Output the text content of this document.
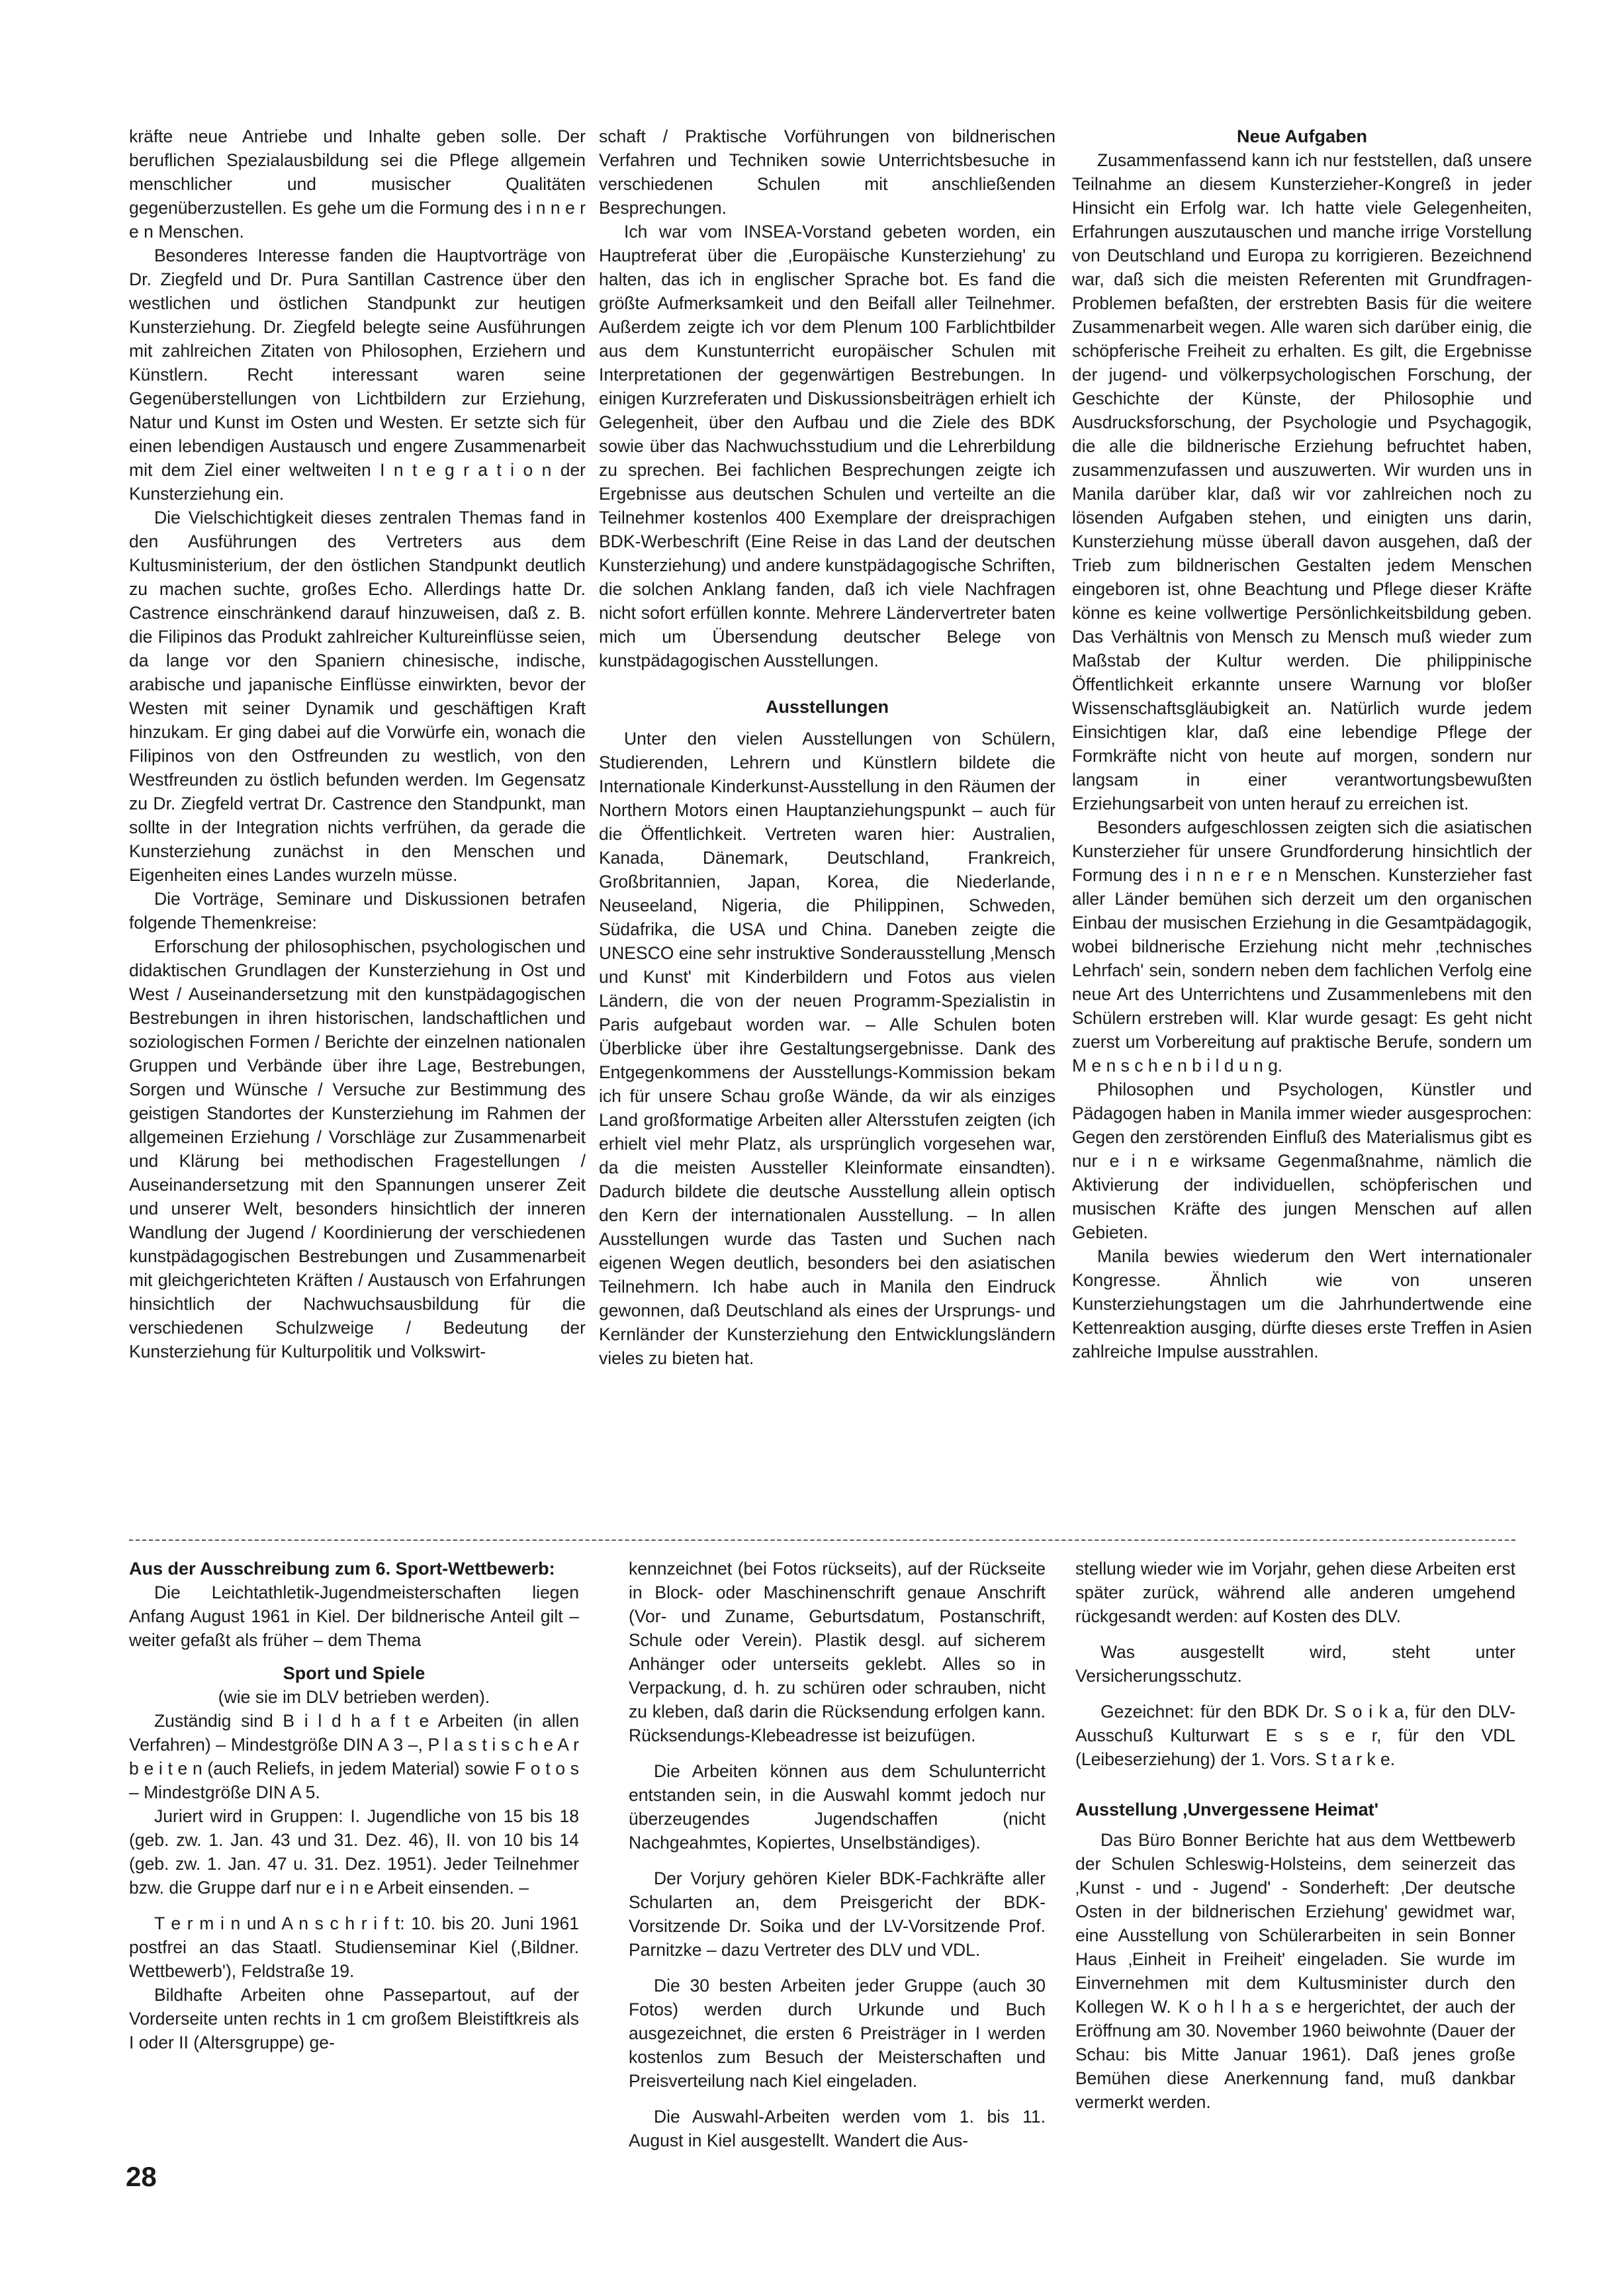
kräfte neue Antriebe und Inhalte geben solle. Der beruflichen Spezialausbildung sei die Pflege allgemein menschlicher und musischer Qualitäten gegenüberzustellen. Es gehe um die Formung des i n n e r e n Menschen.

Besonderes Interesse fanden die Hauptvorträge von Dr. Ziegfeld und Dr. Pura Santillan Castrence über den westlichen und östlichen Standpunkt zur heutigen Kunsterziehung. Dr. Ziegfeld belegte seine Ausführungen mit zahlreichen Zitaten von Philosophen, Erziehern und Künstlern. Recht interessant waren seine Gegenüberstellungen von Lichtbildern zur Erziehung, Natur und Kunst im Osten und Westen. Er setzte sich für einen lebendigen Austausch und engere Zusammenarbeit mit dem Ziel einer weltweiten I n t e g r a t i o n der Kunsterziehung ein.

Die Vielschichtigkeit dieses zentralen Themas fand in den Ausführungen des Vertreters aus dem Kultusministerium, der den östlichen Standpunkt deutlich zu machen suchte, großes Echo. Allerdings hatte Dr. Castrence einschränkend darauf hinzuweisen, daß z. B. die Filipinos das Produkt zahlreicher Kultureinflüsse seien, da lange vor den Spaniern chinesische, indische, arabische und japanische Einflüsse einwirkten, bevor der Westen mit seiner Dynamik und geschäftigen Kraft hinzukam. Er ging dabei auf die Vorwürfe ein, wonach die Filipinos von den Ostfreunden zu westlich, von den Westfreunden zu östlich befunden werden. Im Gegensatz zu Dr. Ziegfeld vertrat Dr. Castrence den Standpunkt, man sollte in der Integration nichts verfrühen, da gerade die Kunsterziehung zunächst in den Menschen und Eigenheiten eines Landes wurzeln müsse.

Die Vorträge, Seminare und Diskussionen betrafen folgende Themenkreise:

Erforschung der philosophischen, psychologischen und didaktischen Grundlagen der Kunsterziehung in Ost und West / Auseinandersetzung mit den kunstpädagogischen Bestrebungen in ihren historischen, landschaftlichen und soziologischen Formen / Berichte der einzelnen nationalen Gruppen und Verbände über ihre Lage, Bestrebungen, Sorgen und Wünsche / Versuche zur Bestimmung des geistigen Standortes der Kunsterziehung im Rahmen der allgemeinen Erziehung / Vorschläge zur Zusammenarbeit und Klärung bei methodischen Fragestellungen / Auseinandersetzung mit den Spannungen unserer Zeit und unserer Welt, besonders hinsichtlich der inneren Wandlung der Jugend / Koordinierung der verschiedenen kunstpädagogischen Bestrebungen und Zusammenarbeit mit gleichgerichteten Kräften / Austausch von Erfahrungen hinsichtlich der Nachwuchsausbildung für die verschiedenen Schulzweige / Bedeutung der Kunsterziehung für Kulturpolitik und Volkswirt-

schaft / Praktische Vorführungen von bildnerischen Verfahren und Techniken sowie Unterrichtsbesuche in verschiedenen Schulen mit anschließenden Besprechungen.

Ich war vom INSEA-Vorstand gebeten worden, ein Hauptreferat über die ‚Europäische Kunsterziehung' zu halten, das ich in englischer Sprache bot. Es fand die größte Aufmerksamkeit und den Beifall aller Teilnehmer. Außerdem zeigte ich vor dem Plenum 100 Farblichtbilder aus dem Kunstunterricht europäischer Schulen mit Interpretationen der gegenwärtigen Bestrebungen. In einigen Kurzreferaten und Diskussionsbeiträgen erhielt ich Gelegenheit, über den Aufbau und die Ziele des BDK sowie über das Nachwuchsstudium und die Lehrerbildung zu sprechen. Bei fachlichen Besprechungen zeigte ich Ergebnisse aus deutschen Schulen und verteilte an die Teilnehmer kostenlos 400 Exemplare der dreisprachigen BDK-Werbeschrift (Eine Reise in das Land der deutschen Kunsterziehung) und andere kunstpädagogische Schriften, die solchen Anklang fanden, daß ich viele Nachfragen nicht sofort erfüllen konnte. Mehrere Ländervertreter baten mich um Übersendung deutscher Belege von kunstpädagogischen Ausstellungen.

Ausstellungen

Unter den vielen Ausstellungen von Schülern, Studierenden, Lehrern und Künstlern bildete die Internationale Kinderkunst-Ausstellung in den Räumen der Northern Motors einen Hauptanziehungspunkt – auch für die Öffentlichkeit. Vertreten waren hier: Australien, Kanada, Dänemark, Deutschland, Frankreich, Großbritannien, Japan, Korea, die Niederlande, Neuseeland, Nigeria, die Philippinen, Schweden, Südafrika, die USA und China. Daneben zeigte die UNESCO eine sehr instruktive Sonderausstellung ‚Mensch und Kunst' mit Kinderbildern und Fotos aus vielen Ländern, die von der neuen Programm-Spezialistin in Paris aufgebaut worden war. – Alle Schulen boten Überblicke über ihre Gestaltungsergebnisse. Dank des Entgegenkommens der Ausstellungs-Kommission bekam ich für unsere Schau große Wände, da wir als einziges Land großformatige Arbeiten aller Altersstufen zeigten (ich erhielt viel mehr Platz, als ursprünglich vorgesehen war, da die meisten Aussteller Kleinformate einsandten). Dadurch bildete die deutsche Ausstellung allein optisch den Kern der internationalen Ausstellung. – In allen Ausstellungen wurde das Tasten und Suchen nach eigenen Wegen deutlich, besonders bei den asiatischen Teilnehmern. Ich habe auch in Manila den Eindruck gewonnen, daß Deutschland als eines der Ursprungs- und Kernländer der Kunsterziehung den Entwicklungsländern vieles zu bieten hat.

Neue Aufgaben

Zusammenfassend kann ich nur feststellen, daß unsere Teilnahme an diesem Kunsterzieher-Kongreß in jeder Hinsicht ein Erfolg war. Ich hatte viele Gelegenheiten, Erfahrungen auszutauschen und manche irrige Vorstellung von Deutschland und Europa zu korrigieren. Bezeichnend war, daß sich die meisten Referenten mit Grundfragen-Problemen befaßten, der erstrebten Basis für die weitere Zusammenarbeit wegen. Alle waren sich darüber einig, die schöpferische Freiheit zu erhalten. Es gilt, die Ergebnisse der jugend- und völkerpsychologischen Forschung, der Geschichte der Künste, der Philosophie und Ausdrucksforschung, der Psychologie und Psychagogik, die alle die bildnerische Erziehung befruchtet haben, zusammenzufassen und auszuwerten. Wir wurden uns in Manila darüber klar, daß wir vor zahlreichen noch zu lösenden Aufgaben stehen, und einigten uns darin, Kunsterziehung müsse überall davon ausgehen, daß der Trieb zum bildnerischen Gestalten jedem Menschen eingeboren ist, ohne Beachtung und Pflege dieser Kräfte könne es keine vollwertige Persönlichkeitsbildung geben. Das Verhältnis von Mensch zu Mensch muß wieder zum Maßstab der Kultur werden. Die philippinische Öffentlichkeit erkannte unsere Warnung vor bloßer Wissenschaftsgläubigkeit an. Natürlich wurde jedem Einsichtigen klar, daß eine lebendige Pflege der Formkräfte nicht von heute auf morgen, sondern nur langsam in einer verantwortungsbewußten Erziehungsarbeit von unten herauf zu erreichen ist.

Besonders aufgeschlossen zeigten sich die asiatischen Kunsterzieher für unsere Grundforderung hinsichtlich der Formung des i n n e r e n Menschen. Kunsterzieher fast aller Länder bemühen sich derzeit um den organischen Einbau der musischen Erziehung in die Gesamtpädagogik, wobei bildnerische Erziehung nicht mehr ‚technisches Lehrfach' sein, sondern neben dem fachlichen Verfolg eine neue Art des Unterrichtens und Zusammenlebens mit den Schülern erstreben will. Klar wurde gesagt: Es geht nicht zuerst um Vorbereitung auf praktische Berufe, sondern um M e n s c h e n b i l d u n g.

Philosophen und Psychologen, Künstler und Pädagogen haben in Manila immer wieder ausgesprochen: Gegen den zerstörenden Einfluß des Materialismus gibt es nur e i n e wirksame Gegenmaßnahme, nämlich die Aktivierung der individuellen, schöpferischen und musischen Kräfte des jungen Menschen auf allen Gebieten.

Manila bewies wiederum den Wert internationaler Kongresse. Ähnlich wie von unseren Kunsterziehungstagen um die Jahrhundertwende eine Kettenreaktion ausging, dürfte dieses erste Treffen in Asien zahlreiche Impulse ausstrahlen.

Aus der Ausschreibung zum 6. Sport-Wettbewerb:

Die Leichtathletik-Jugendmeisterschaften liegen Anfang August 1961 in Kiel. Der bildnerische Anteil gilt – weiter gefaßt als früher – dem Thema

Sport und Spiele

(wie sie im DLV betrieben werden).

Zuständig sind B i l d h a f t e Arbeiten (in allen Verfahren) – Mindestgröße DIN A 3 –, P l a s t i s c h e A r b e i t e n (auch Reliefs, in jedem Material) sowie F o t o s – Mindestgröße DIN A 5.

Juriert wird in Gruppen: I. Jugendliche von 15 bis 18 (geb. zw. 1. Jan. 43 und 31. Dez. 46), II. von 10 bis 14 (geb. zw. 1. Jan. 47 u. 31. Dez. 1951). Jeder Teilnehmer bzw. die Gruppe darf nur e i n e Arbeit einsenden. –

T e r m i n und A n s c h r i f t: 10. bis 20. Juni 1961 postfrei an das Staatl. Studienseminar Kiel (‚Bildner. Wettbewerb'), Feldstraße 19.

Bildhafte Arbeiten ohne Passepartout, auf der Vorderseite unten rechts in 1 cm großem Bleistiftkreis als I oder II (Altersgruppe) ge-

kennzeichnet (bei Fotos rückseits), auf der Rückseite in Block- oder Maschinenschrift genaue Anschrift (Vor- und Zuname, Geburtsdatum, Postanschrift, Schule oder Verein). Plastik desgl. auf sicherem Anhänger oder unterseits geklebt. Alles so in Verpackung, d. h. zu schüren oder schrauben, nicht zu kleben, daß darin die Rücksendung erfolgen kann. Rücksendungs-Klebeadresse ist beizufügen.

Die Arbeiten können aus dem Schulunterricht entstanden sein, in die Auswahl kommt jedoch nur überzeugendes Jugendschaffen (nicht Nachgeahmtes, Kopiertes, Unselbständiges).

Der Vorjury gehören Kieler BDK-Fachkräfte aller Schularten an, dem Preisgericht der BDK-Vorsitzende Dr. Soika und der LV-Vorsitzende Prof. Parnitzke – dazu Vertreter des DLV und VDL.

Die 30 besten Arbeiten jeder Gruppe (auch 30 Fotos) werden durch Urkunde und Buch ausgezeichnet, die ersten 6 Preisträger in I werden kostenlos zum Besuch der Meisterschaften und Preisverteilung nach Kiel eingeladen.

Die Auswahl-Arbeiten werden vom 1. bis 11. August in Kiel ausgestellt. Wandert die Aus-

stellung wieder wie im Vorjahr, gehen diese Arbeiten erst später zurück, während alle anderen umgehend rückgesandt werden: auf Kosten des DLV.

Was ausgestellt wird, steht unter Versicherungsschutz.

Gezeichnet: für den BDK Dr. S o i k a, für den DLV-Ausschuß Kulturwart E s s e r, für den VDL (Leibeserziehung) der 1. Vors. S t a r k e.

Ausstellung ‚Unvergessene Heimat'

Das Büro Bonner Berichte hat aus dem Wettbewerb der Schulen Schleswig-Holsteins, dem seinerzeit das ‚Kunst - und - Jugend' - Sonderheft: ‚Der deutsche Osten in der bildnerischen Erziehung' gewidmet war, eine Ausstellung von Schülerarbeiten in sein Bonner Haus ‚Einheit in Freiheit' eingeladen. Sie wurde im Einvernehmen mit dem Kultusminister durch den Kollegen W. K o h l h a s e hergerichtet, der auch der Eröffnung am 30. November 1960 beiwohnte (Dauer der Schau: bis Mitte Januar 1961). Daß jenes große Bemühen diese Anerkennung fand, muß dankbar vermerkt werden.

28
